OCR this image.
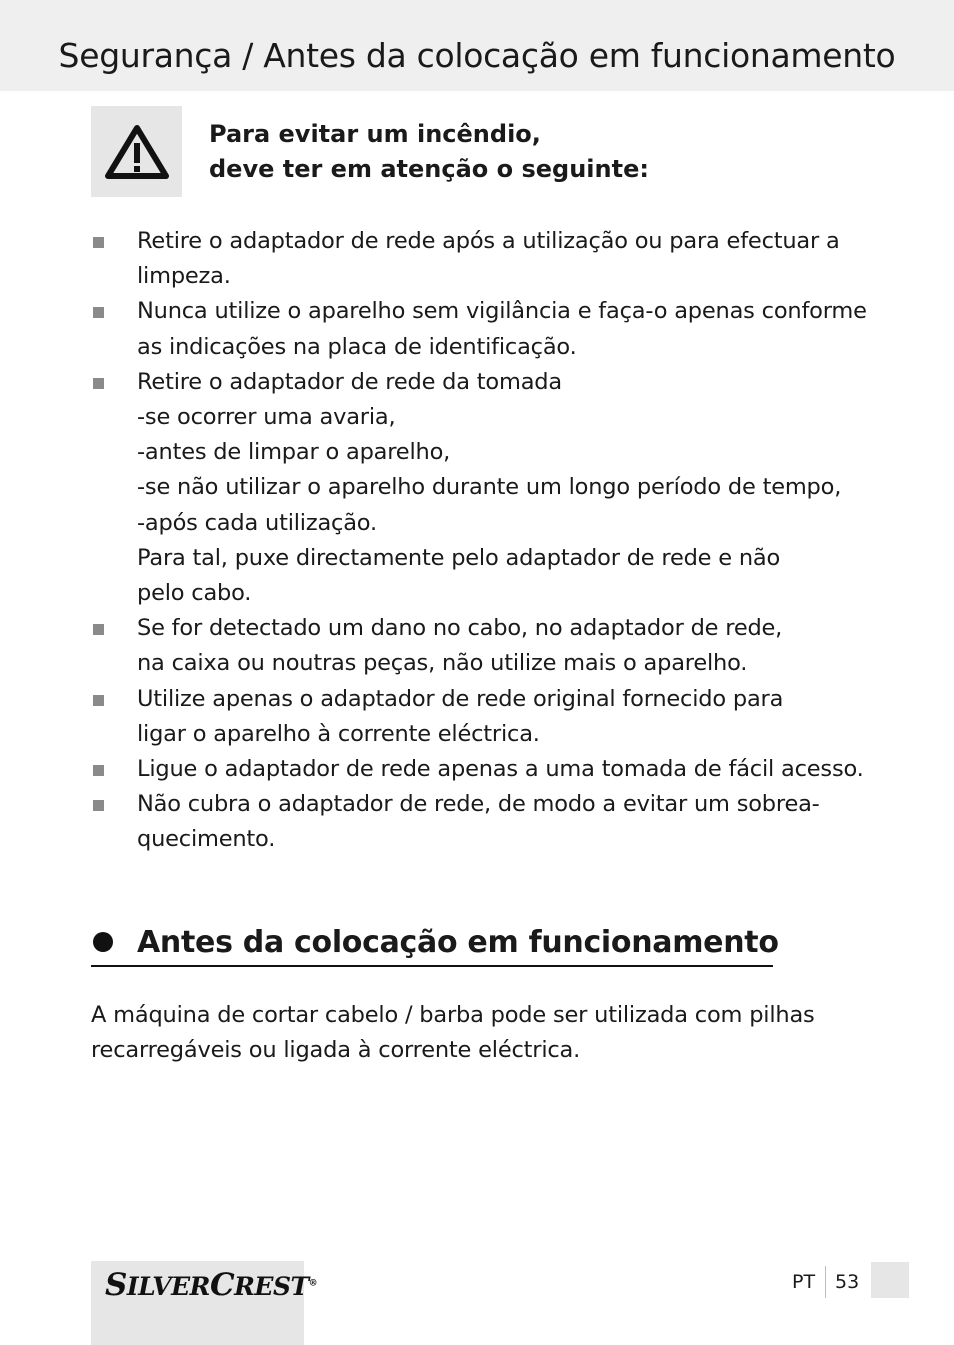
Segurança / Antes da colocação em funcionamento

Para evitar um incêndio,
deve ter em atenção o seguinte:

Retire o adaptador de rede após a utilização ou para efectuar a
limpeza.
Nunca utilize o aparelho sem vigilância e faça-o apenas conforme
as indicações na placa de identificação.
Retire o adaptador de rede da tomada
-se ocorrer uma avaria,
-antes de limpar o aparelho,
-se não utilizar o aparelho durante um longo período de tempo,
-após cada utilização.
Para tal, puxe directamente pelo adaptador de rede e não
pelo cabo.
Se for detectado um dano no cabo, no adaptador de rede,
na caixa ou noutras peças, não utilize mais o aparelho.
Utilize apenas o adaptador de rede original fornecido para
ligar o aparelho à corrente eléctrica.
Ligue o adaptador de rede apenas a uma tomada de fácil acesso.
Não cubra o adaptador de rede, de modo a evitar um sobrea-
quecimento.
Antes da colocação em funcionamento

A máquina de cortar cabelo / barba pode ser utilizada com pilhas
recarregáveis ou ligada à corrente eléctrica.

SILVERCREST®	PT 53
